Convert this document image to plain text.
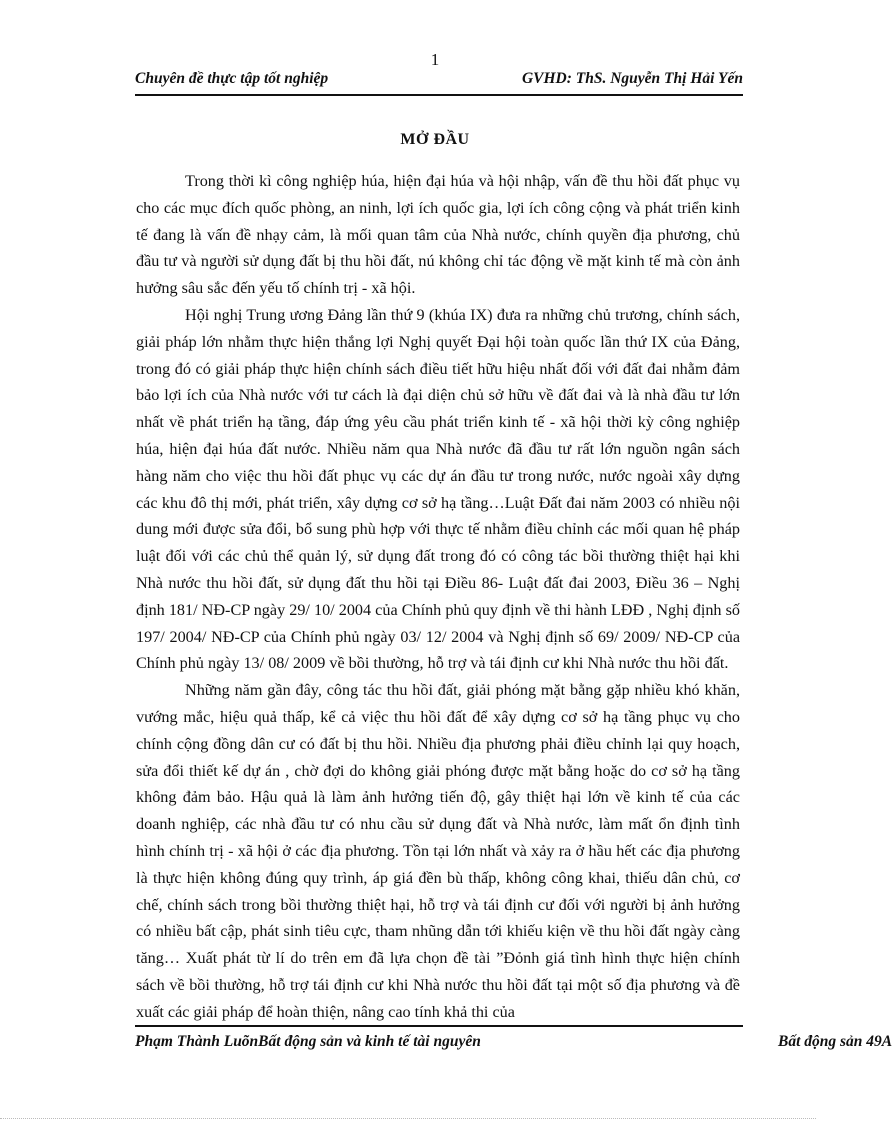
1
Chuyên đề thực tập tốt nghiệp	GVHD: ThS. Nguyễn Thị Hải Yến
MỞ ĐẦU

Trong thời kì công nghiệp húa, hiện đại húa và hội nhập, vấn đề thu hồi đất phục vụ cho các mục đích quốc phòng, an ninh, lợi ích quốc gia, lợi ích công cộng và phát triển kinh tế đang là vấn đề nhạy cảm, là mối quan tâm của Nhà nước, chính quyền địa phương, chủ đầu tư và người sử dụng đất bị thu hồi đất, nú không chỉ tác động về mặt kinh tế mà còn ảnh hưởng sâu sắc đến yếu tố chính trị - xã hội.

Hội nghị Trung ương Đảng lần thứ 9 (khúa IX) đưa ra những chủ trương, chính sách, giải pháp lớn nhằm thực hiện thắng lợi Nghị quyết Đại hội toàn quốc lần thứ IX của Đảng, trong đó có giải pháp thực hiện chính sách điều tiết hữu hiệu nhất đối với đất đai nhằm đảm bảo lợi ích của Nhà nước với tư cách là đại diện chủ sở hữu về đất đai và là nhà đầu tư lớn nhất về phát triển hạ tầng, đáp ứng yêu cầu phát triển kinh tế - xã hội thời kỳ công nghiệp húa, hiện đại húa đất nước. Nhiều năm qua Nhà nước đã đầu tư rất lớn nguồn ngân sách hàng năm cho việc thu hồi đất phục vụ các dự án đầu tư trong nước, nước ngoài xây dựng các khu đô thị mới, phát triển, xây dựng cơ sở hạ tầng…Luật Đất đai năm 2003 có nhiều nội dung mới được sửa đổi, bổ sung phù hợp với thực tế nhằm điều chỉnh các mối quan hệ pháp luật đối với các chủ thể quản lý, sử dụng đất trong đó có công tác bồi thường thiệt hại khi Nhà nước thu hồi đất, sử dụng đất thu hồi tại Điều 86- Luật đất đai 2003, Điều 36 – Nghị định 181/ NĐ-CP ngày 29/ 10/ 2004 của Chính phủ quy định về thi hành LĐĐ , Nghị định số 197/ 2004/ NĐ-CP của Chính phủ ngày 03/ 12/ 2004 và Nghị định số 69/ 2009/ NĐ-CP của Chính phủ ngày 13/ 08/ 2009 về bồi thường, hỗ trợ và tái định cư khi Nhà nước thu hồi đất.

Những năm gần đây, công tác thu hồi đất, giải phóng mặt bằng gặp nhiều khó khăn, vướng mắc, hiệu quả thấp, kể cả việc thu hồi đất để xây dựng cơ sở hạ tầng phục vụ cho chính cộng đồng dân cư có đất bị thu hồi. Nhiều địa phương phải điều chỉnh lại quy hoạch, sửa đổi thiết kế dự án , chờ đợi do không giải phóng được mặt bằng hoặc do cơ sở hạ tầng không đảm bảo. Hậu quả là làm ảnh hưởng tiến độ, gây thiệt hại lớn về kinh tế của các doanh nghiệp, các nhà đầu tư có nhu cầu sử dụng đất và Nhà nước, làm mất ổn định tình hình chính trị - xã hội ở các địa phương. Tồn tại lớn nhất và xảy ra ở hầu hết các địa phương là thực hiện không đúng quy trình, áp giá đền bù thấp, không công khai, thiếu dân chủ, cơ chế, chính sách trong bồi thường thiệt hại, hỗ trợ và tái định cư đối với người bị ảnh hưởng có nhiều bất cập, phát sinh tiêu cực, tham nhũng dẫn tới khiếu kiện về thu hồi đất ngày càng tăng… Xuất phát từ lí do trên em đã lựa chọn đề tài ”Đỏnh giá tình hình thực hiện chính sách về bồi thường, hỗ trợ tái định cư khi Nhà nước thu hồi đất tại một số địa phương và đề xuất các giải pháp để hoàn thiện, nâng cao tính khả thi của

Phạm Thành LuõnBất động sản và kinh tế tài nguyên	Bất động sản 49A
